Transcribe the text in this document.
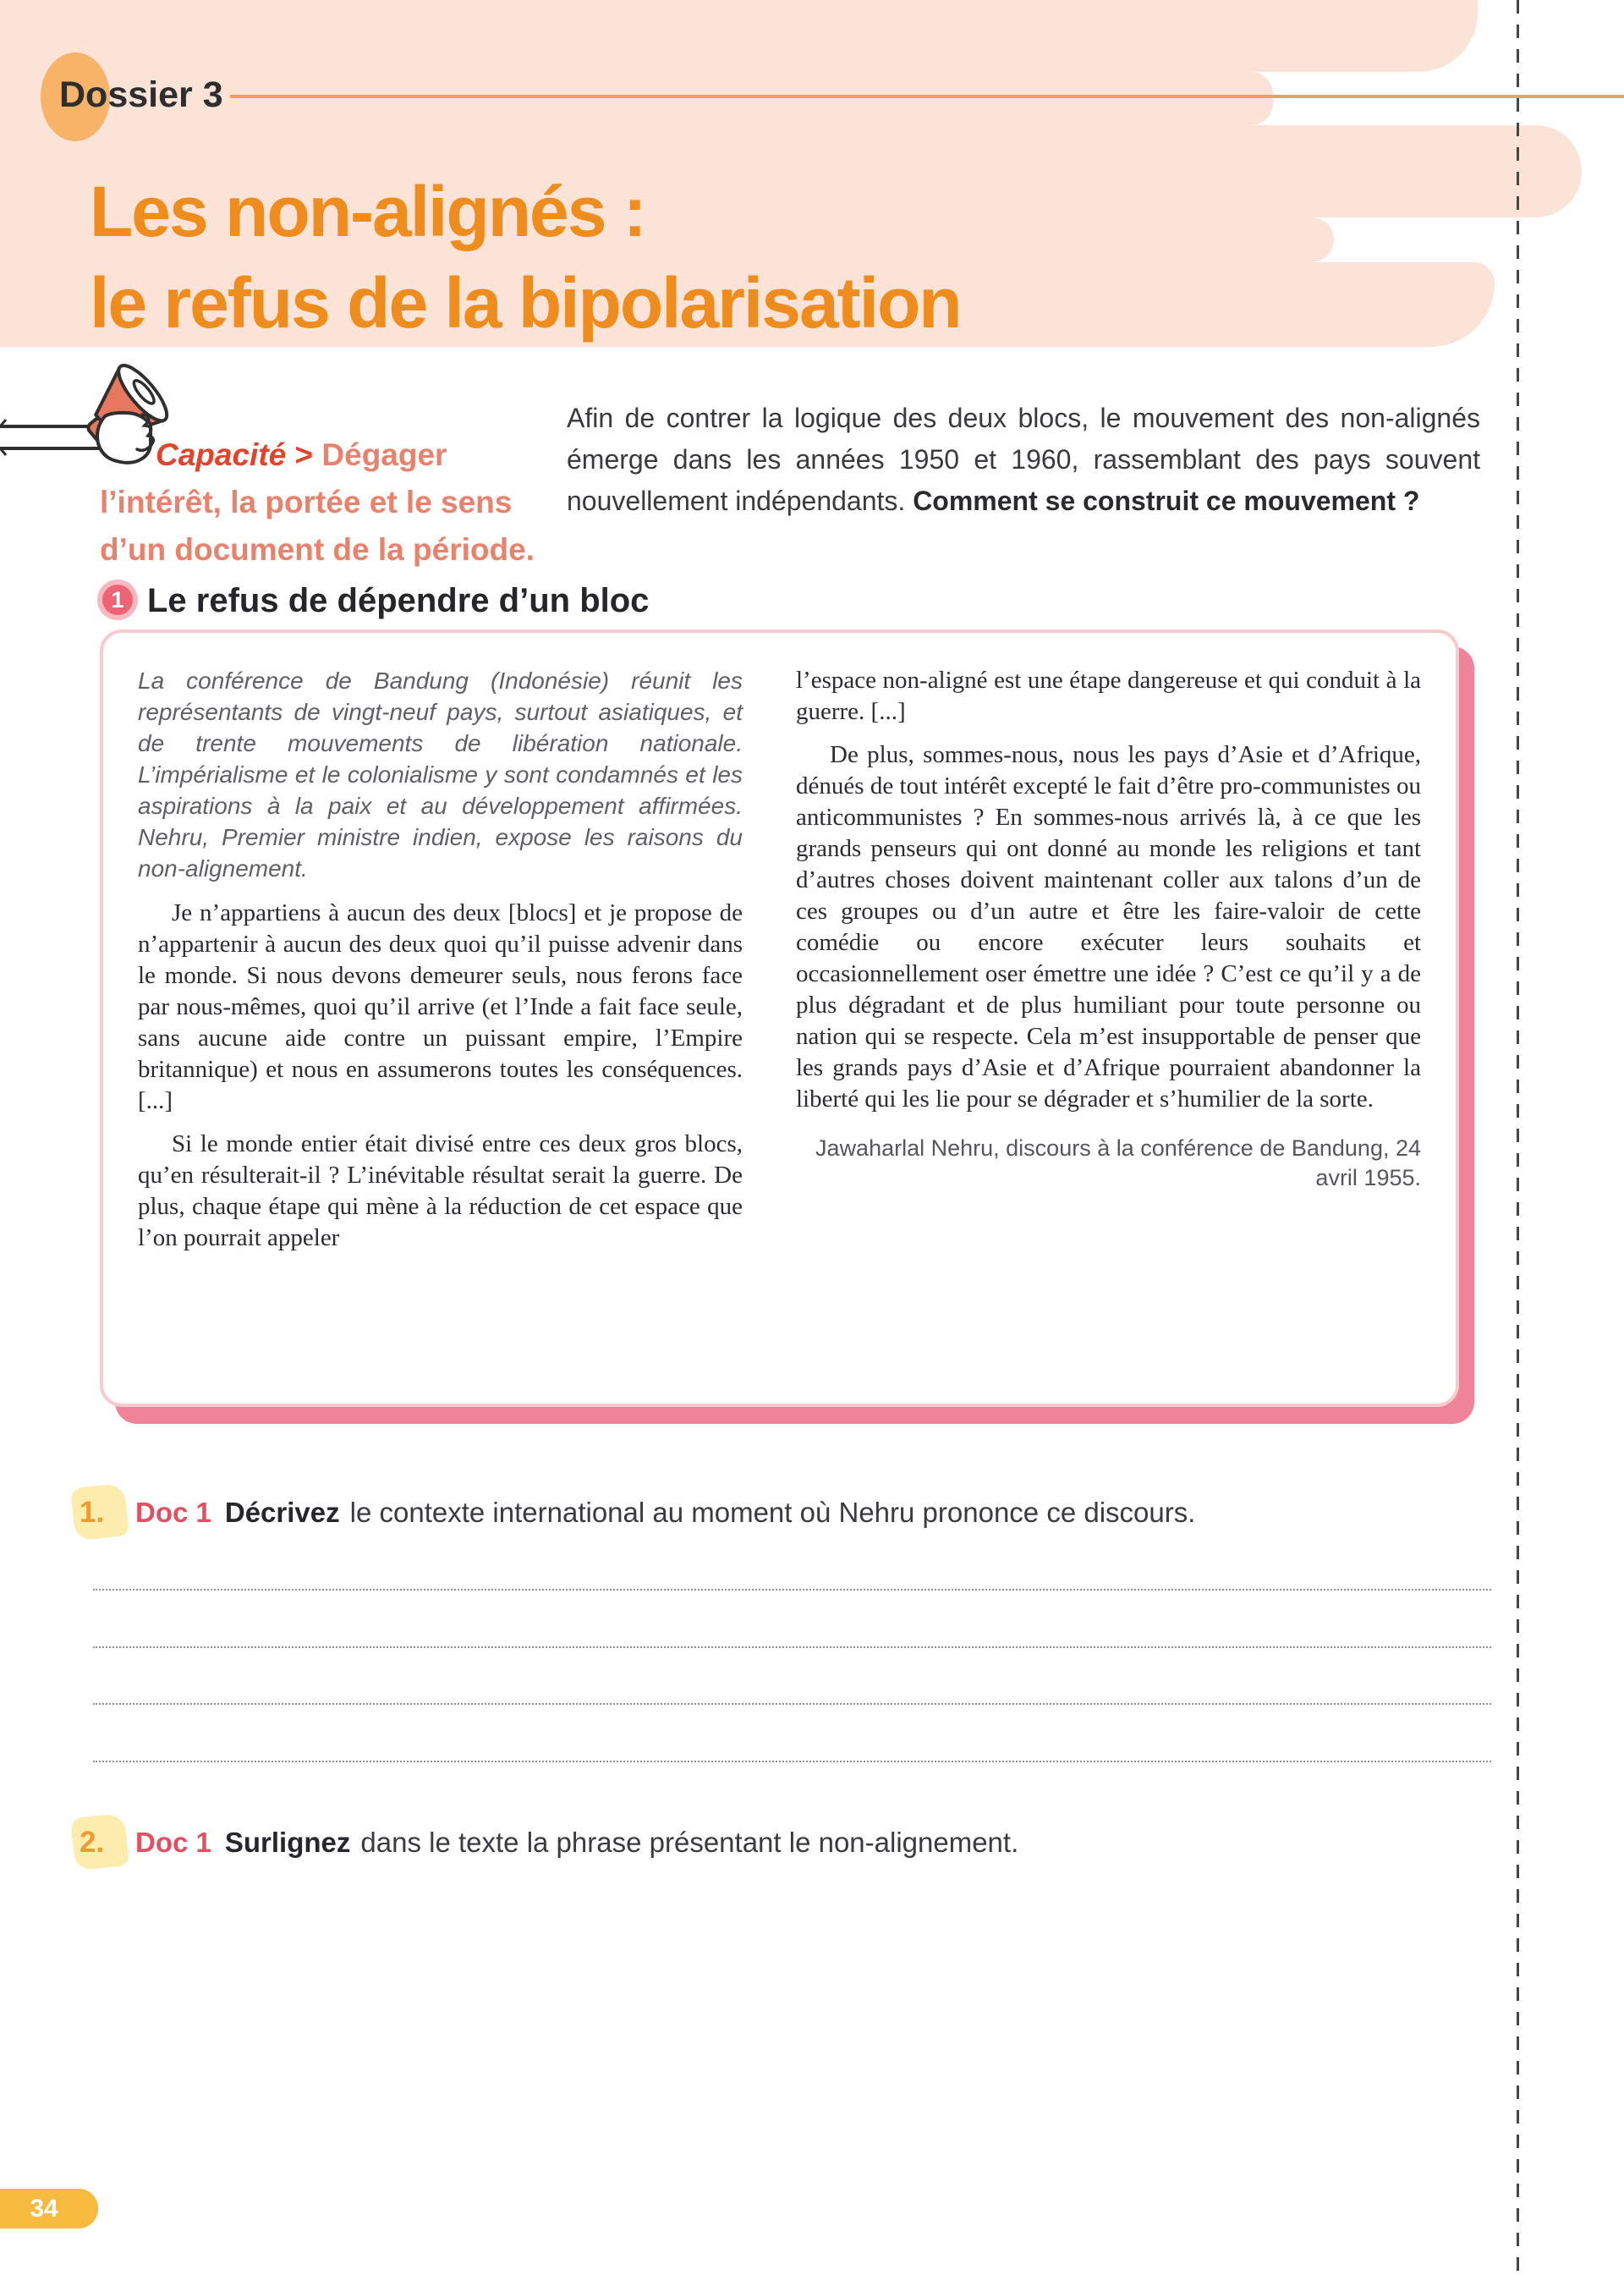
Dossier 3
Les non-alignés :
le refus de la bipolarisation
Capacité > Dégager l’intérêt, la portée et le sens d’un document de la période.

Afin de contrer la logique des deux blocs, le mouvement des non-alignés émerge dans les années 1950 et 1960, rassemblant des pays souvent nouvellement indépendants. Comment se construit ce mouvement ?

1 Le refus de dépendre d’un bloc

La conférence de Bandung (Indonésie) réunit les représentants de vingt-neuf pays, surtout asiatiques, et de trente mouvements de libération nationale. L’impérialisme et le colonialisme y sont condamnés et les aspirations à la paix et au développement affirmées. Nehru, Premier ministre indien, expose les raisons du non-alignement.

Je n’appartiens à aucun des deux [blocs] et je propose de n’appartenir à aucun des deux quoi qu’il puisse advenir dans le monde. Si nous devons demeurer seuls, nous ferons face par nous-mêmes, quoi qu’il arrive (et l’Inde a fait face seule, sans aucune aide contre un puissant empire, l’Empire britannique) et nous en assumerons toutes les conséquences. [...]

Si le monde entier était divisé entre ces deux gros blocs, qu’en résulterait-il ? L’inévitable résultat serait la guerre. De plus, chaque étape qui mène à la réduction de cet espace que l’on pourrait appeler

l’espace non-aligné est une étape dangereuse et qui conduit à la guerre. [...]

De plus, sommes-nous, nous les pays d’Asie et d’Afrique, dénués de tout intérêt excepté le fait d’être pro-communistes ou anticommunistes ? En sommes-nous arrivés là, à ce que les grands penseurs qui ont donné au monde les religions et tant d’autres choses doivent maintenant coller aux talons d’un de ces groupes ou d’un autre et être les faire-valoir de cette comédie ou encore exécuter leurs souhaits et occasionnellement oser émettre une idée ? C’est ce qu’il y a de plus dégradant et de plus humiliant pour toute personne ou nation qui se respecte. Cela m’est insupportable de penser que les grands pays d’Asie et d’Afrique pourraient abandonner la liberté qui les lie pour se dégrader et s’humilier de la sorte.

Jawaharlal Nehru, discours à la conférence de Bandung, 24 avril 1955.
1.	Doc 1 Décrivez le contexte international au moment où Nehru prononce ce discours.
2.	Doc 1 Surlignez dans le texte la phrase présentant le non-alignement.
34
